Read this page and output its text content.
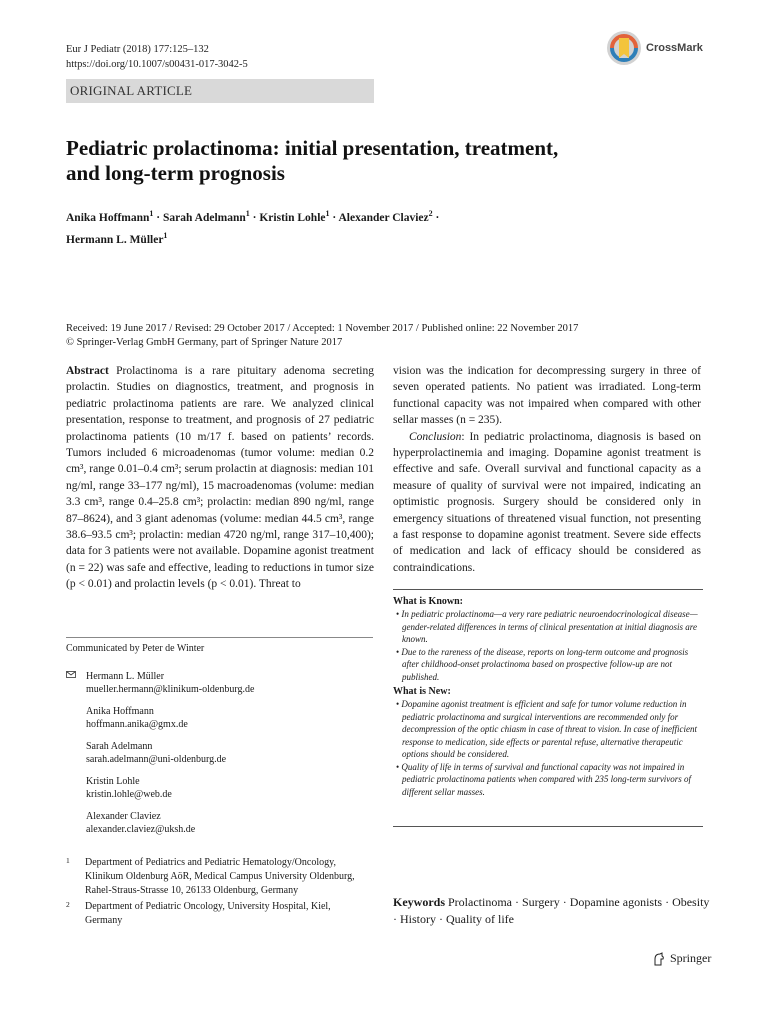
Eur J Pediatr (2018) 177:125–132
https://doi.org/10.1007/s00431-017-3042-5
CrossMark
ORIGINAL ARTICLE
Pediatric prolactinoma: initial presentation, treatment,
and long-term prognosis
Anika Hoffmann$^1$ · Sarah Adelmann$^1$ · Kristin Lohle$^1$ · Alexander Claviez$^2$ ·
Hermann L. Müller$^1$
Received: 19 June 2017 / Revised: 29 October 2017 / Accepted: 1 November 2017 / Published online: 22 November 2017
© Springer-Verlag GmbH Germany, part of Springer Nature 2017

Abstract Prolactinoma is a rare pituitary adenoma secreting prolactin. Studies on diagnostics, treatment, and prognosis in pediatric prolactinoma patients are rare. We analyzed clinical presentation, response to treatment, and prognosis of 27 pediatric prolactinoma patients (10 m/17 f. based on patients’ records. Tumors included 6 microadenomas (tumor volume: median 0.2 cm³, range 0.01–0.4 cm³; serum prolactin at diagnosis: median 101 ng/ml, range 33–177 ng/ml), 15 macroadenomas (volume: median 3.3 cm³, range 0.4–25.8 cm³; prolactin: median 890 ng/ml, range 87–8624), and 3 giant adenomas (volume: median 44.5 cm³, range 38.6–93.5 cm³; prolactin: median 4720 ng/ml, range 317–10,400); data for 3 patients were not available. Dopamine agonist treatment (n = 22) was safe and effective, leading to reductions in tumor size (p < 0.01) and prolactin levels (p < 0.01). Threat to

vision was the indication for decompressing surgery in three of seven operated patients. No patient was irradiated. Long-term functional capacity was not impaired when compared with other sellar masses (n = 235).

Conclusion: In pediatric prolactinoma, diagnosis is based on hyperprolactinemia and imaging. Dopamine agonist treatment is effective and safe. Overall survival and functional capacity as a measure of quality of survival were not impaired, indicating an optimistic prognosis. Surgery should be considered only in emergency situations of threatened visual function, not presenting a fast response to dopamine agonist treatment. Severe side effects of medication and lack of efficacy should be considered as contraindications.

What is Known:
• In pediatric prolactinoma—a very rare pediatric neuroendocrinological disease—gender-related differences in terms of clinical presentation at initial diagnosis are known.
• Due to the rareness of the disease, reports on long-term outcome and prognosis after childhood-onset prolactinoma based on prospective follow-up are not published.
What is New:
• Dopamine agonist treatment is efficient and safe for tumor volume reduction in pediatric prolactinoma and surgical interventions are recommended only for decompression of the optic chiasm in case of threat to vision. In case of inefficient response to medication, side effects or parental refuse, alternative therapeutic options should be considered.
• Quality of life in terms of survival and functional capacity was not impaired in pediatric prolactinoma patients when compared with 235 long-term survivors of different sellar masses.
Communicated by Peter de Winter
Hermann L. Müller
mueller.hermann@klinikum-oldenburg.de
Anika Hoffmann
hoffmann.anika@gmx.de
Sarah Adelmann
sarah.adelmann@uni-oldenburg.de
Kristin Lohle
kristin.lohle@web.de
Alexander Claviez
alexander.claviez@uksh.de
1 Department of Pediatrics and Pediatric Hematology/Oncology, Klinikum Oldenburg AöR, Medical Campus University Oldenburg, Rahel-Straus-Strasse 10, 26133 Oldenburg, Germany
2 Department of Pediatric Oncology, University Hospital, Kiel, Germany
Keywords Prolactinoma · Surgery · Dopamine agonists · Obesity · History · Quality of life
Springer
